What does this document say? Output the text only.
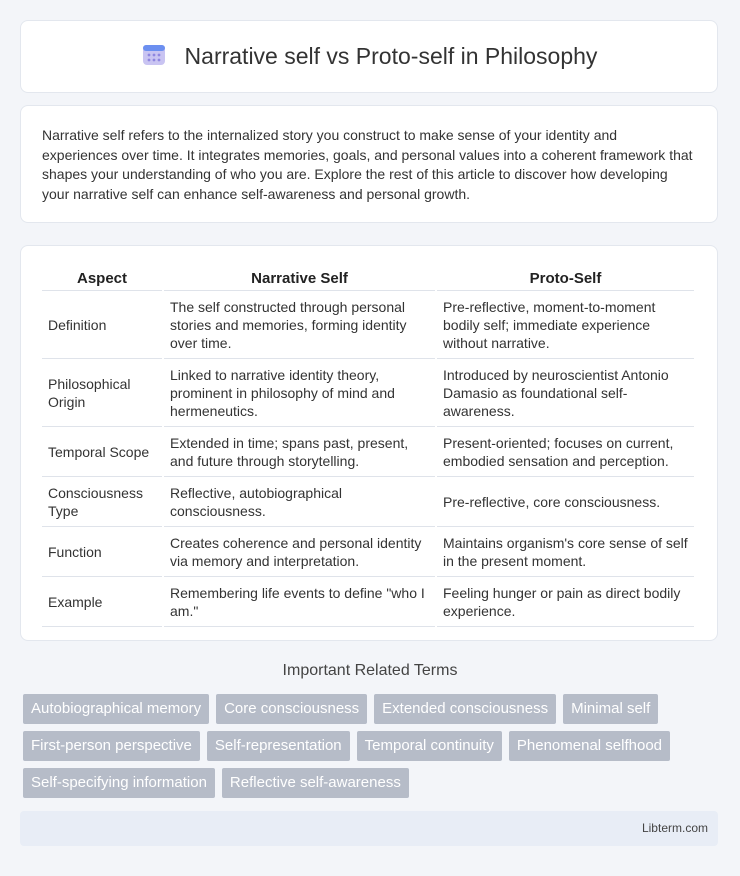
Narrative self vs Proto-self in Philosophy

Narrative self refers to the internalized story you construct to make sense of your identity and experiences over time. It integrates memories, goals, and personal values into a coherent framework that shapes your understanding of who you are. Explore the rest of this article to discover how developing your narrative self can enhance self-awareness and personal growth.

Aspect	Narrative Self	Proto-Self
Definition	The self constructed through personal stories and memories, forming identity over time.	Pre-reflective, moment-to-moment bodily self; immediate experience without narrative.
Philosophical Origin	Linked to narrative identity theory, prominent in philosophy of mind and hermeneutics.	Introduced by neuroscientist Antonio Damasio as foundational self-awareness.
Temporal Scope	Extended in time; spans past, present, and future through storytelling.	Present-oriented; focuses on current, embodied sensation and perception.
Consciousness Type	Reflective, autobiographical consciousness.	Pre-reflective, core consciousness.
Function	Creates coherence and personal identity via memory and interpretation.	Maintains organism's core sense of self in the present moment.
Example	Remembering life events to define "who I am."	Feeling hunger or pain as direct bodily experience.
Important Related Terms
Autobiographical memory	Core consciousness	Extended consciousness	Minimal self
First-person perspective	Self-representation	Temporal continuity	Phenomenal selfhood
Self-specifying information	Reflective self-awareness
Libterm.com
